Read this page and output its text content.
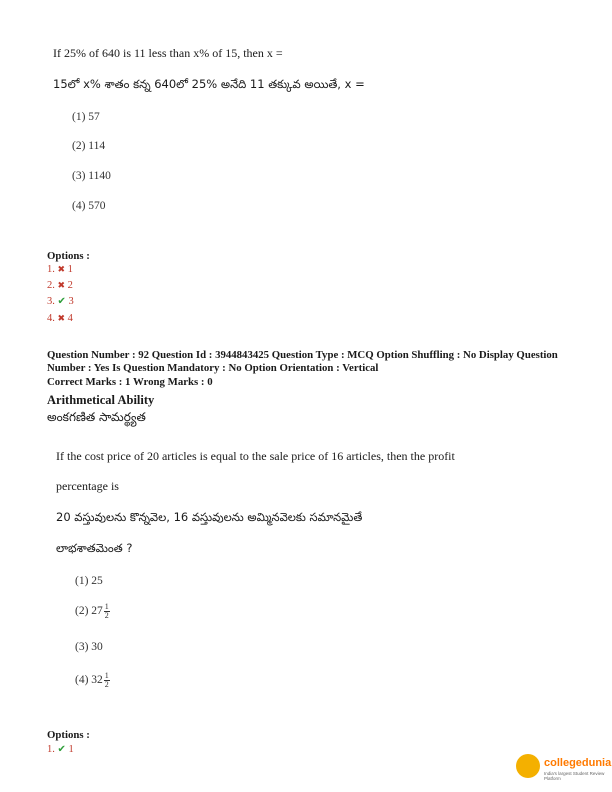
If 25% of 640 is 11 less than x% of 15, then x =
15లో x% శాతం కన్న 640లో 25% అనేది 11 తక్కువ అయితే, x =
(1) 57
(2) 114
(3) 1140
(4) 570
Options :
1. ✖ 1
2. ✖ 2
3. ✔ 3
4. ✖ 4
Question Number : 92 Question Id : 3944843425 Question Type : MCQ Option Shuffling : No Display Question
Number : Yes Is Question Mandatory : No Option Orientation : Vertical
Correct Marks : 1 Wrong Marks : 0
Arithmetical Ability
అంకగణిత సామర్థ్యత
If the cost price of 20 articles is equal to the sale price of 16 articles, then the profit
percentage is
20 వస్తువులను కొన్నవెల, 16 వస్తువులను అమ్మినవెలకు సమానమైతే
లాభశాతమెంత ?
(1) 25
(2) $27 \frac{1}{2}$
(3) 30
(4) $32 \frac{1}{2}$
Options :
1. ✔ 1
collegedunia
India's largest Student Review Platform
